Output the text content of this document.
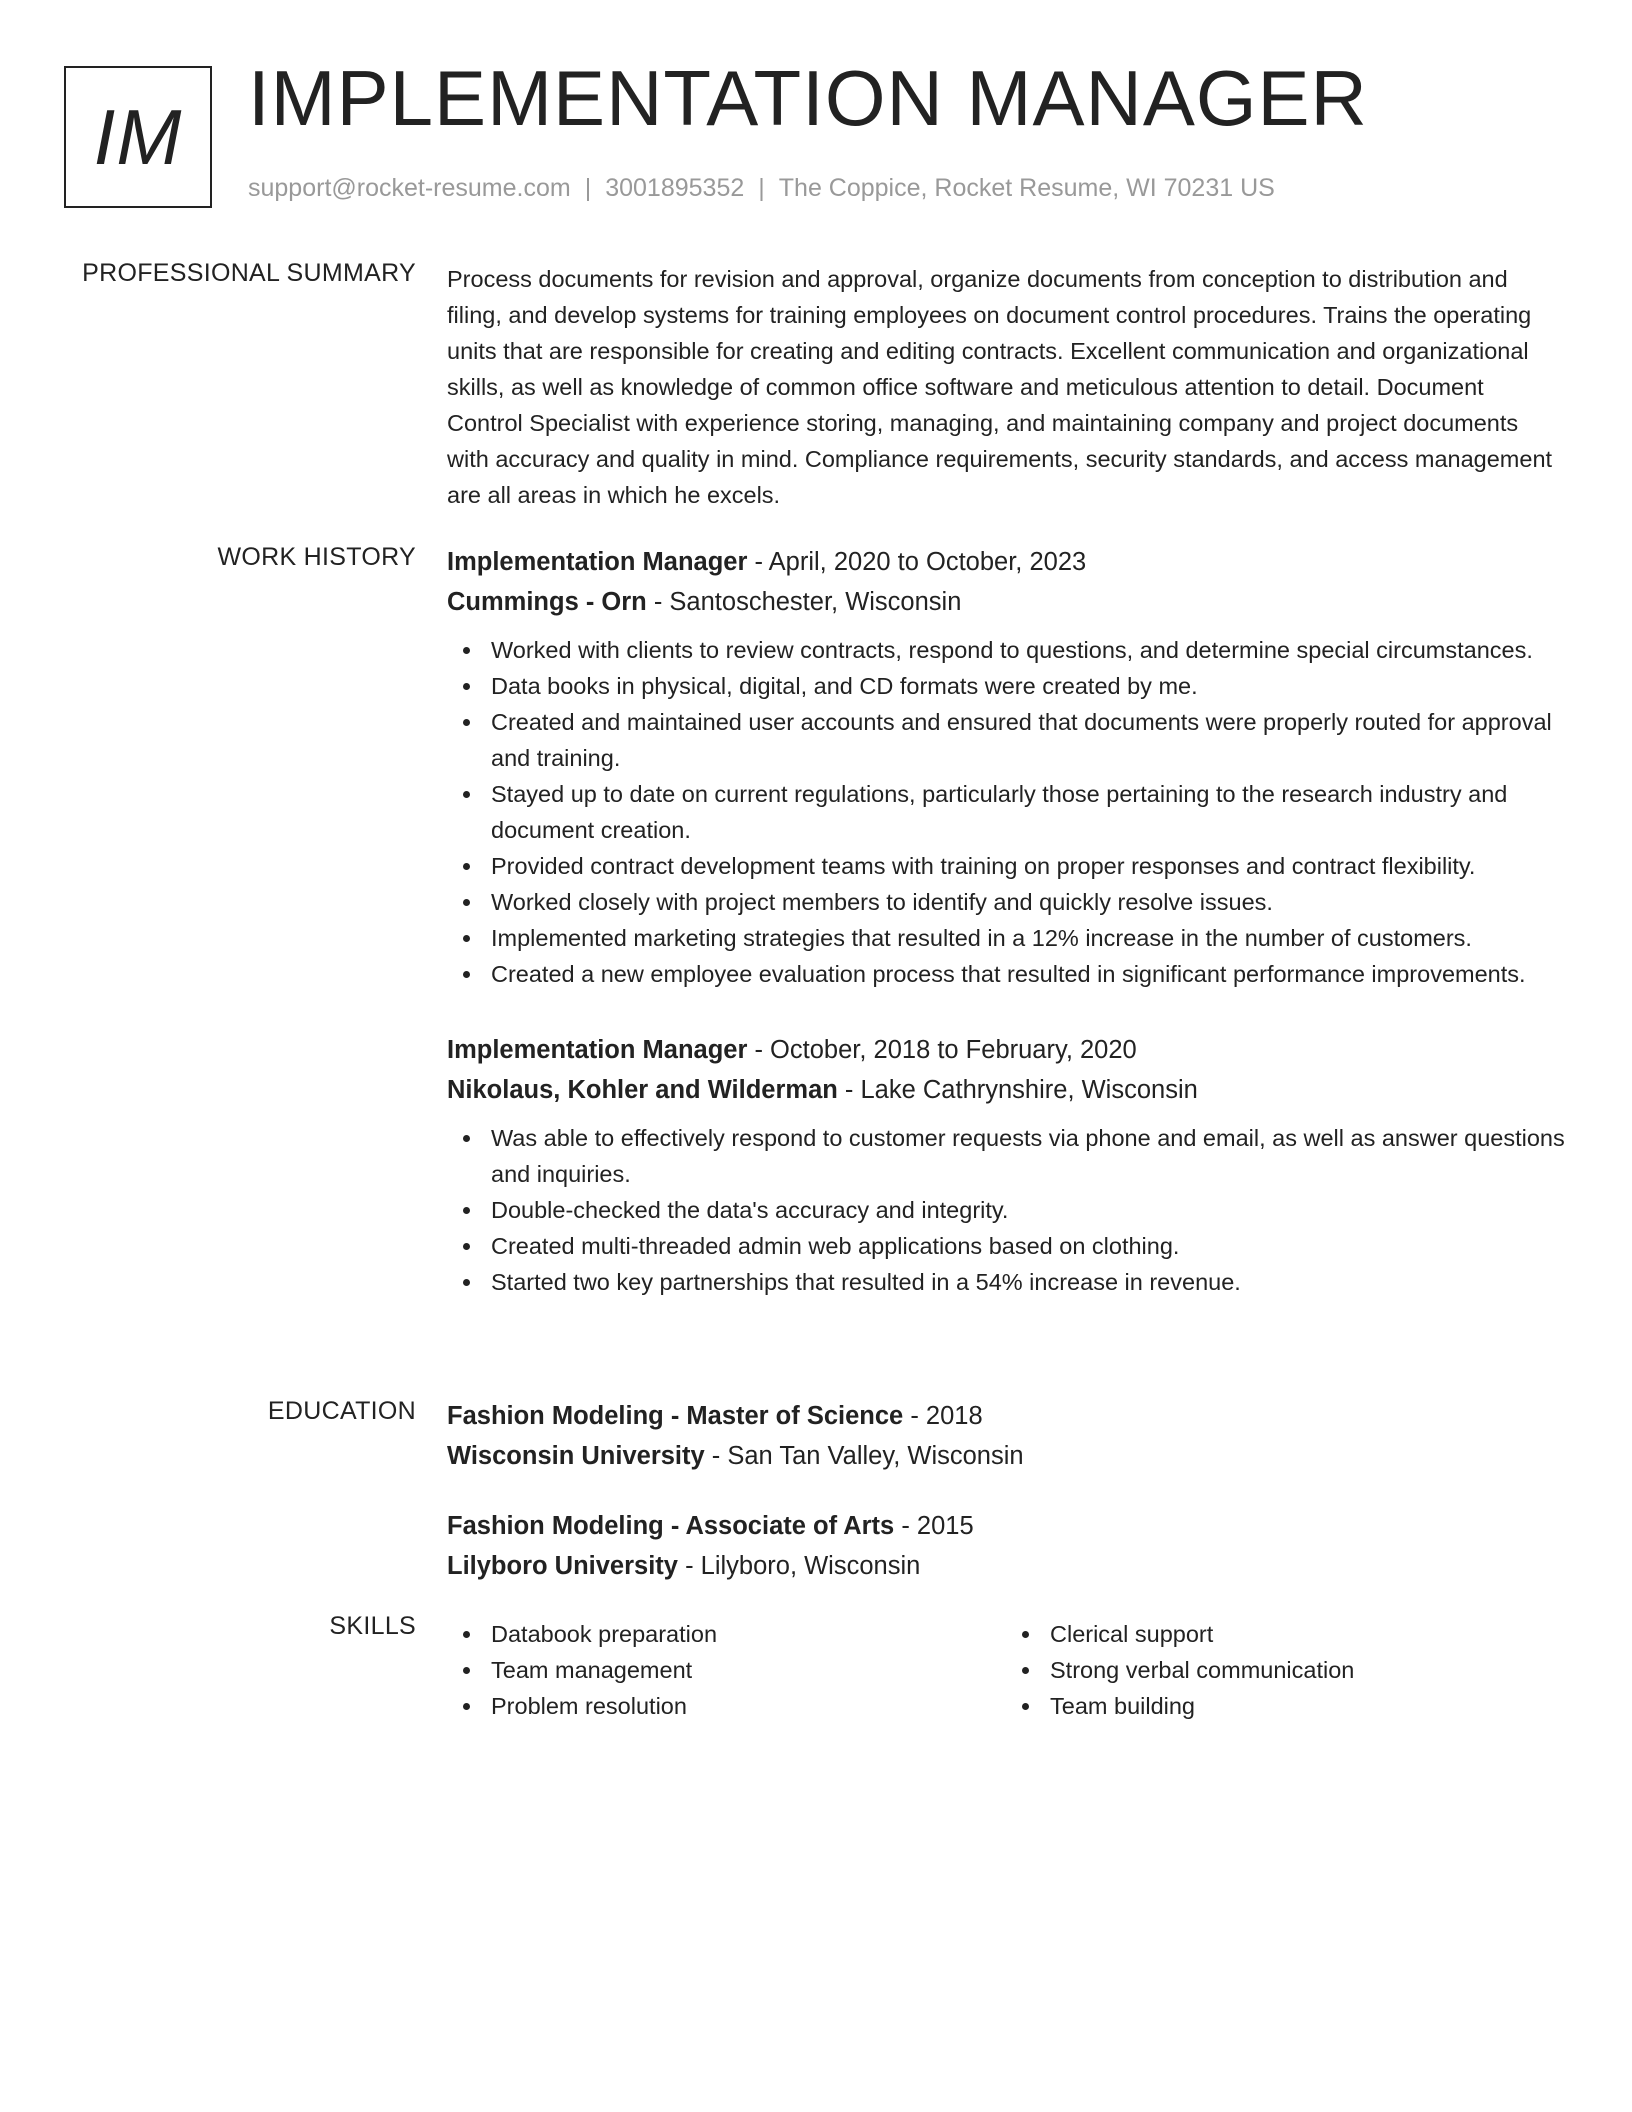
IM IMPLEMENTATION MANAGER
support@rocket-resume.com | 3001895352 | The Coppice, Rocket Resume, WI 70231 US
PROFESSIONAL SUMMARY Process documents for revision and approval, organize documents from conception to distribution and filing, and develop systems for training employees on document control procedures. Trains the operating units that are responsible for creating and editing contracts. Excellent communication and organizational skills, as well as knowledge of common office software and meticulous attention to detail. Document Control Specialist with experience storing, managing, and maintaining company and project documents with accuracy and quality in mind. Compliance requirements, security standards, and access management are all areas in which he excels.

WORK HISTORY Implementation Manager - April, 2020 to October, 2023
Cummings - Orn - Santoschester, Wisconsin
Worked with clients to review contracts, respond to questions, and determine special circumstances.
Data books in physical, digital, and CD formats were created by me.
Created and maintained user accounts and ensured that documents were properly routed for approval and training.
Stayed up to date on current regulations, particularly those pertaining to the research industry and document creation.
Provided contract development teams with training on proper responses and contract flexibility.
Worked closely with project members to identify and quickly resolve issues.
Implemented marketing strategies that resulted in a 12% increase in the number of customers.
Created a new employee evaluation process that resulted in significant performance improvements.
Implementation Manager - October, 2018 to February, 2020
Nikolaus, Kohler and Wilderman - Lake Cathrynshire, Wisconsin
Was able to effectively respond to customer requests via phone and email, as well as answer questions and inquiries.
Double-checked the data's accuracy and integrity.
Created multi-threaded admin web applications based on clothing.
Started two key partnerships that resulted in a 54% increase in revenue.
EDUCATION Fashion Modeling - Master of Science - 2018
Wisconsin University - San Tan Valley, Wisconsin
Fashion Modeling - Associate of Arts - 2015
Lilyboro University - Lilyboro, Wisconsin
SKILLS	Databook preparation
Team management
Problem resolution
Clerical support
Strong verbal communication
Team building
